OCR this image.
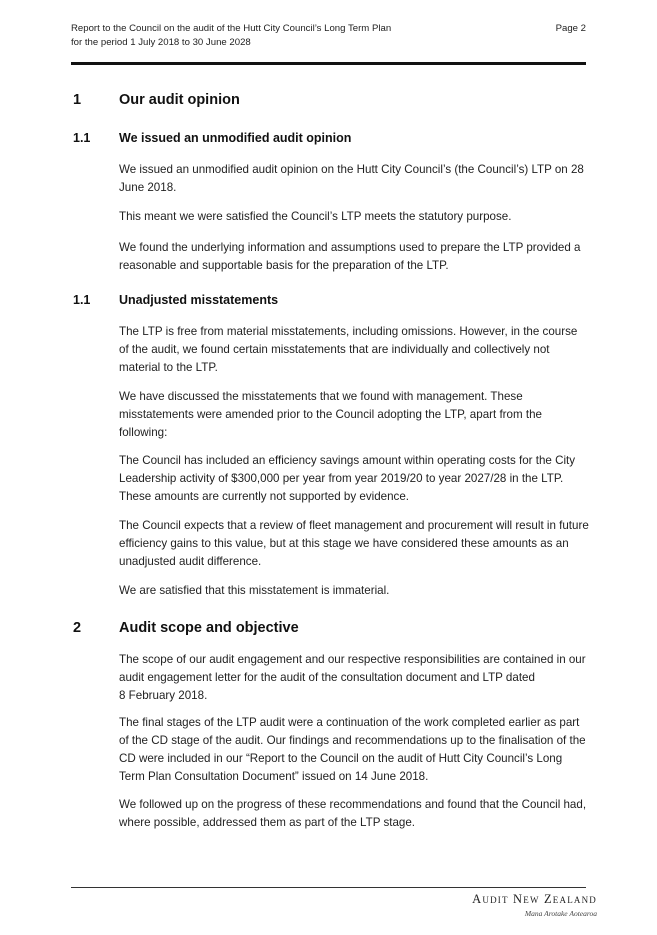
Report to the Council on the audit of the Hutt City Council’s Long Term Plan
for the period 1 July 2018 to 30 June 2028
Page 2
1	Our audit opinion
1.1 We issued an unmodified audit opinion
We issued an unmodified audit opinion on the Hutt City Council’s (the Council’s) LTP on 28 June 2018.
This meant we were satisfied the Council’s LTP meets the statutory purpose.
We found the underlying information and assumptions used to prepare the LTP provided a reasonable and supportable basis for the preparation of the LTP.
1.1 Unadjusted misstatements
The LTP is free from material misstatements, including omissions. However, in the course of the audit, we found certain misstatements that are individually and collectively not material to the LTP.
We have discussed the misstatements that we found with management. These misstatements were amended prior to the Council adopting the LTP, apart from the following:
The Council has included an efficiency savings amount within operating costs for the City Leadership activity of $300,000 per year from year 2019/20 to year 2027/28 in the LTP. These amounts are currently not supported by evidence.
The Council expects that a review of fleet management and procurement will result in future efficiency gains to this value, but at this stage we have considered these amounts as an unadjusted audit difference.
We are satisfied that this misstatement is immaterial.
2	Audit scope and objective
The scope of our audit engagement and our respective responsibilities are contained in our audit engagement letter for the audit of the consultation document and LTP dated
8 February 2018.
The final stages of the LTP audit were a continuation of the work completed earlier as part of the CD stage of the audit. Our findings and recommendations up to the finalisation of the CD were included in our “Report to the Council on the audit of Hutt City Council’s Long Term Plan Consultation Document” issued on 14 June 2018.
We followed up on the progress of these recommendations and found that the Council had, where possible, addressed them as part of the LTP stage.
Audit New Zealand
Mana Arotake Aotearoa
